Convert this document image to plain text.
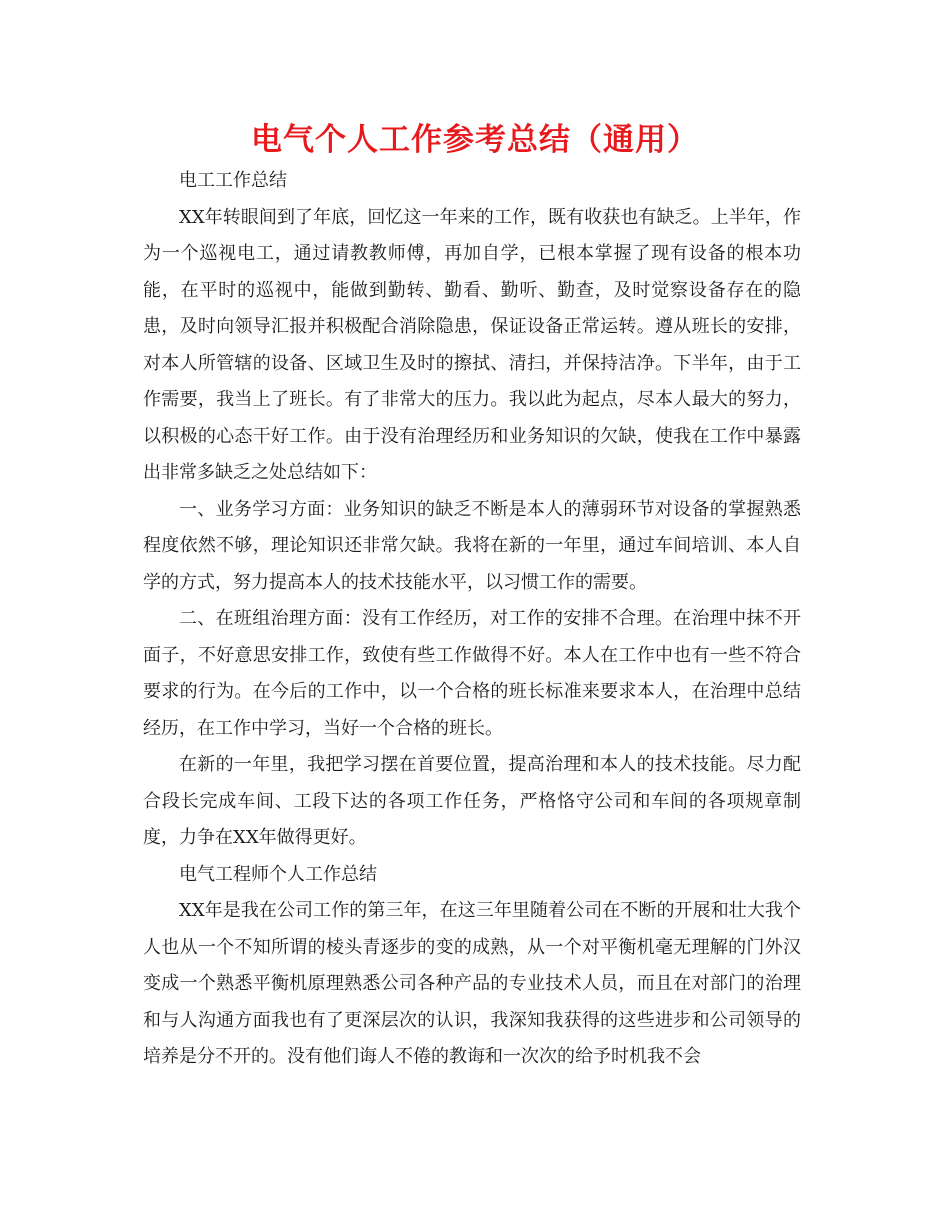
电气个人工作参考总结（通用）

电工工作总结

XX年转眼间到了年底，回忆这一年来的工作，既有收获也有缺乏。上半年，作为一个巡视电工，通过请教教师傅，再加自学，已根本掌握了现有设备的根本功能，在平时的巡视中，能做到勤转、勤看、勤听、勤查，及时觉察设备存在的隐患，及时向领导汇报并积极配合消除隐患，保证设备正常运转。遵从班长的安排，对本人所管辖的设备、区域卫生及时的擦拭、清扫，并保持洁净。下半年，由于工作需要，我当上了班长。有了非常大的压力。我以此为起点，尽本人最大的努力，以积极的心态干好工作。由于没有治理经历和业务知识的欠缺，使我在工作中暴露出非常多缺乏之处总结如下：

一、业务学习方面：业务知识的缺乏不断是本人的薄弱环节对设备的掌握熟悉程度依然不够，理论知识还非常欠缺。我将在新的一年里，通过车间培训、本人自学的方式，努力提高本人的技术技能水平，以习惯工作的需要。

二、在班组治理方面：没有工作经历，对工作的安排不合理。在治理中抹不开面子，不好意思安排工作，致使有些工作做得不好。本人在工作中也有一些不符合要求的行为。在今后的工作中，以一个合格的班长标准来要求本人，在治理中总结经历，在工作中学习，当好一个合格的班长。

在新的一年里，我把学习摆在首要位置，提高治理和本人的技术技能。尽力配合段长完成车间、工段下达的各项工作任务，严格恪守公司和车间的各项规章制度，力争在XX年做得更好。

电气工程师个人工作总结

XX年是我在公司工作的第三年，在这三年里随着公司在不断的开展和壮大我个人也从一个不知所谓的棱头青逐步的变的成熟，从一个对平衡机毫无理解的门外汉变成一个熟悉平衡机原理熟悉公司各种产品的专业技术人员，而且在对部门的治理和与人沟通方面我也有了更深层次的认识，我深知我获得的这些进步和公司领导的培养是分不开的。没有他们诲人不倦的教诲和一次次的给予时机我不会
